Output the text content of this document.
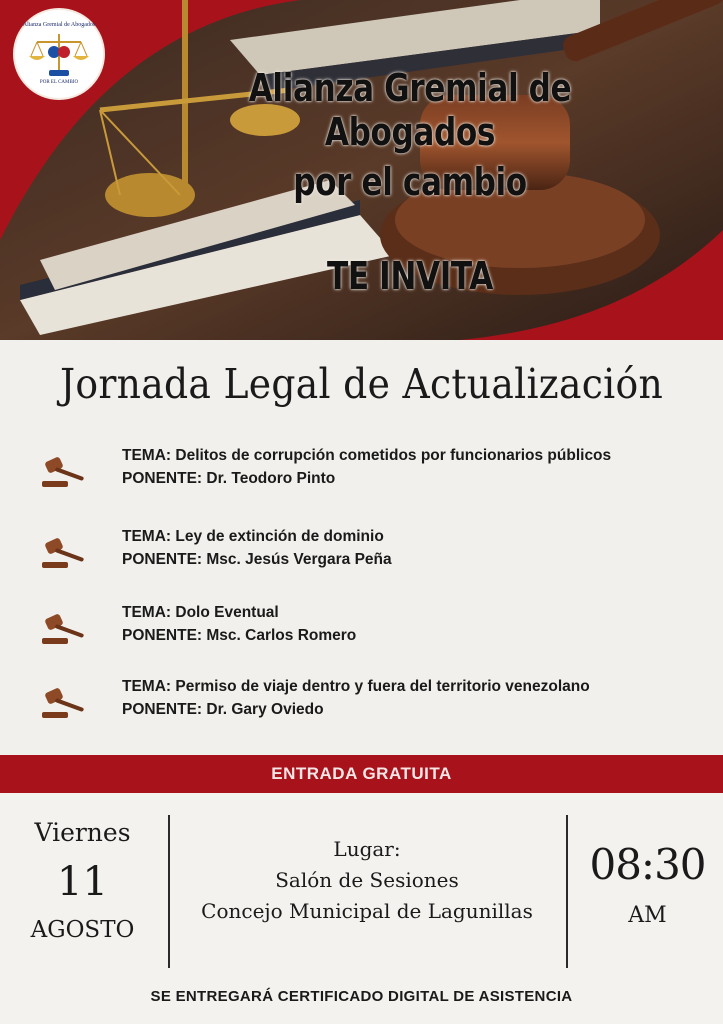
Alianza Gremial de Abogados
POR EL CAMBIO	Alianza Gremial de Abogados
por el cambio
TE INVITA
Jornada Legal de Actualización
TEMA: Delitos de corrupción cometidos por funcionarios públicos
PONENTE: Dr. Teodoro Pinto
TEMA: Ley de extinción de dominio
PONENTE: Msc. Jesús Vergara Peña
TEMA: Dolo Eventual
PONENTE: Msc. Carlos Romero
TEMA: Permiso de viaje dentro y fuera del territorio venezolano
PONENTE: Dr. Gary Oviedo
ENTRADA GRATUITA
Viernes
11
AGOSTO
Lugar:
Salón de Sesiones
Concejo Municipal de Lagunillas
08:30
AM
SE ENTREGARÁ CERTIFICADO DIGITAL DE ASISTENCIA
